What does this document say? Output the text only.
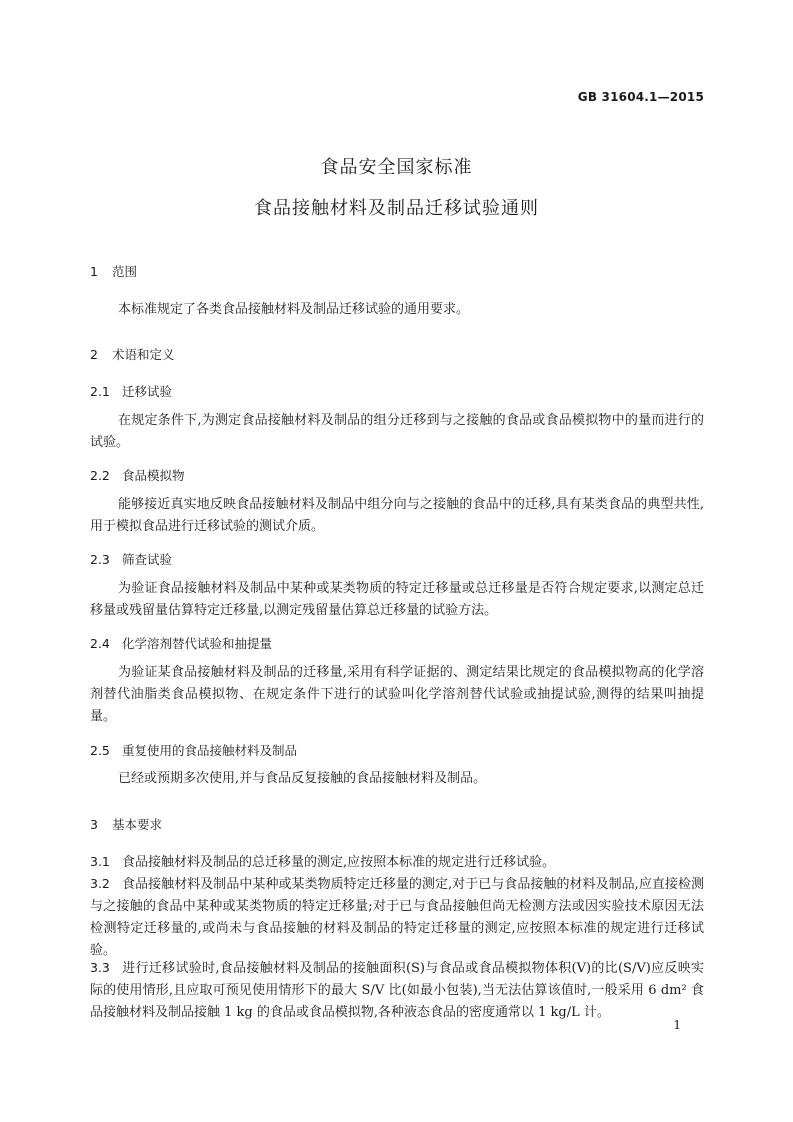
GB 31604.1—2015
食品安全国家标准
食品接触材料及制品迁移试验通则
1 范围

本标准规定了各类食品接触材料及制品迁移试验的通用要求。

2 术语和定义
2.1 迁移试验

在规定条件下,为测定食品接触材料及制品的组分迁移到与之接触的食品或食品模拟物中的量而进行的试验。

2.2 食品模拟物

能够接近真实地反映食品接触材料及制品中组分向与之接触的食品中的迁移,具有某类食品的典型共性,用于模拟食品进行迁移试验的测试介质。

2.3 筛查试验

为验证食品接触材料及制品中某种或某类物质的特定迁移量或总迁移量是否符合规定要求,以测定总迁移量或残留量估算特定迁移量,以测定残留量估算总迁移量的试验方法。

2.4 化学溶剂替代试验和抽提量

为验证某食品接触材料及制品的迁移量,采用有科学证据的、测定结果比规定的食品模拟物高的化学溶剂替代油脂类食品模拟物、在规定条件下进行的试验叫化学溶剂替代试验或抽提试验,测得的结果叫抽提量。

2.5 重复使用的食品接触材料及制品

已经或预期多次使用,并与食品反复接触的食品接触材料及制品。

3 基本要求

3.1 食品接触材料及制品的总迁移量的测定,应按照本标准的规定进行迁移试验。

3.2 食品接触材料及制品中某种或某类物质特定迁移量的测定,对于已与食品接触的材料及制品,应直接检测与之接触的食品中某种或某类物质的特定迁移量;对于已与食品接触但尚无检测方法或因实验技术原因无法检测特定迁移量的,或尚未与食品接触的材料及制品的特定迁移量的测定,应按照本标准的规定进行迁移试验。

3.3 进行迁移试验时,食品接触材料及制品的接触面积(S)与食品或食品模拟物体积(V)的比(S/V)应反映实际的使用情形,且应取可预见使用情形下的最大 S/V 比(如最小包装),当无法估算该值时,一般采用 6 dm² 食品接触材料及制品接触 1 kg 的食品或食品模拟物,各种液态食品的密度通常以 1 kg/L 计。

1
